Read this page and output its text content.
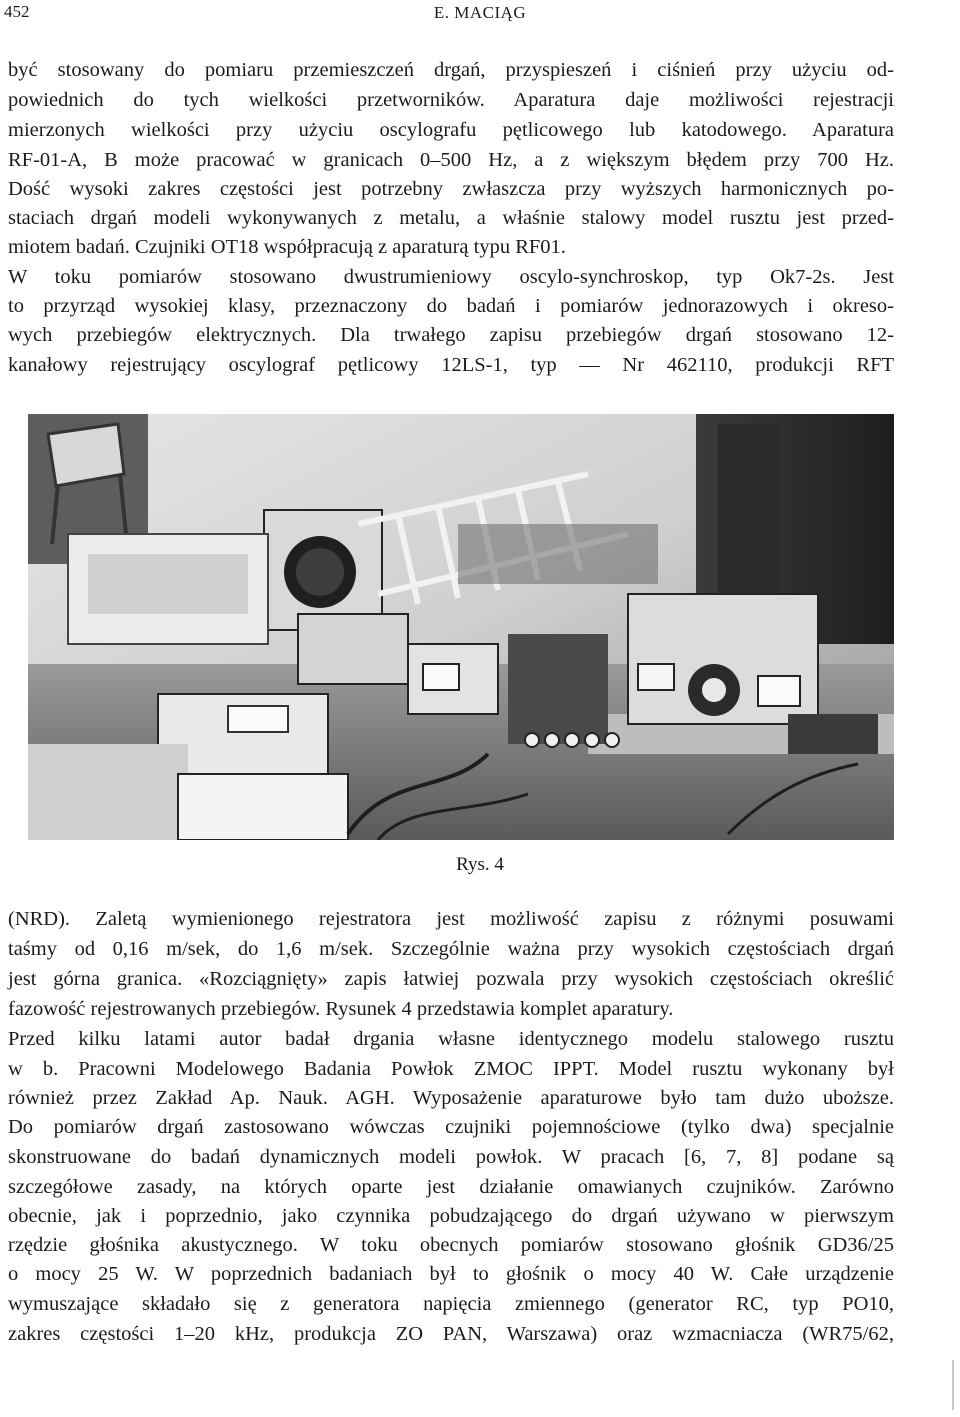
452	E. MACIĄG
być stosowany do pomiaru przemieszczeń drgań, przyspieszeń i ciśnień przy użyciu od-
powiednich do tych wielkości przetworników. Aparatura daje możliwości rejestracji
mierzonych wielkości przy użyciu oscylografu pętlicowego lub katodowego. Aparatura
RF-01-A, B może pracować w granicach 0–500 Hz, a z większym błędem przy 700 Hz.
Dość wysoki zakres częstości jest potrzebny zwłaszcza przy wyższych harmonicznych po-
staciach drgań modeli wykonywanych z metalu, a właśnie stalowy model rusztu jest przed-
miotem badań. Czujniki OT18 współpracują z aparaturą typu RF01.
W toku pomiarów stosowano dwustrumieniowy oscylo-synchroskop, typ Ok7-2s. Jest
to przyrząd wysokiej klasy, przeznaczony do badań i pomiarów jednorazowych i okreso-
wych przebiegów elektrycznych. Dla trwałego zapisu przebiegów drgań stosowano 12-
kanałowy rejestrujący oscylograf pętlicowy 12LS-1, typ — Nr 462110, produkcji RFT
Rys. 4
(NRD). Zaletą wymienionego rejestratora jest możliwość zapisu z różnymi posuwami
taśmy od 0,16 m/sek, do 1,6 m/sek. Szczególnie ważna przy wysokich częstościach drgań
jest górna granica. «Rozciągnięty» zapis łatwiej pozwala przy wysokich częstościach określić
fazowość rejestrowanych przebiegów. Rysunek 4 przedstawia komplet aparatury.
Przed kilku latami autor badał drgania własne identycznego modelu stalowego rusztu
w b. Pracowni Modelowego Badania Powłok ZMOC IPPT. Model rusztu wykonany był
również przez Zakład Ap. Nauk. AGH. Wyposażenie aparaturowe było tam dużo uboższe.
Do pomiarów drgań zastosowano wówczas czujniki pojemnościowe (tylko dwa) specjalnie
skonstruowane do badań dynamicznych modeli powłok. W pracach [6, 7, 8] podane są
szczegółowe zasady, na których oparte jest działanie omawianych czujników. Zarówno
obecnie, jak i poprzednio, jako czynnika pobudzającego do drgań używano w pierwszym
rzędzie głośnika akustycznego. W toku obecnych pomiarów stosowano głośnik GD36/25
o mocy 25 W. W poprzednich badaniach był to głośnik o mocy 40 W. Całe urządzenie
wymuszające składało się z generatora napięcia zmiennego (generator RC, typ PO10,
zakres częstości 1–20 kHz, produkcja ZO PAN, Warszawa) oraz wzmacniacza (WR75/62,
